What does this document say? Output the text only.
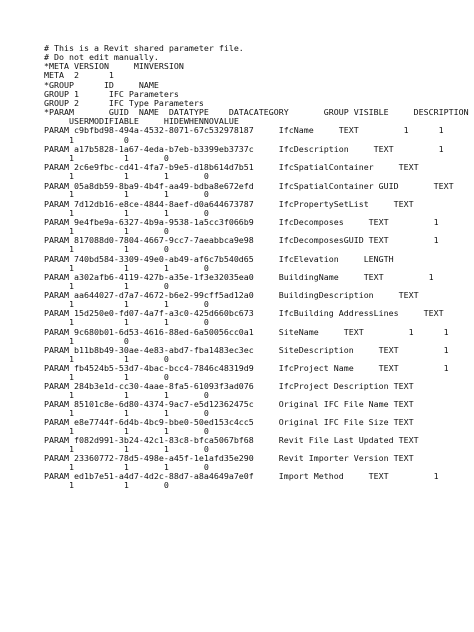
# This is a Revit shared parameter file.
# Do not edit manually.
*META VERSION     MINVERSION
META  2      1
*GROUP      ID     NAME
GROUP 1      IFC Parameters
GROUP 2      IFC Type Parameters
*PARAM       GUID  NAME  DATATYPE    DATACATEGORY       GROUP VISIBLE     DESCRIPTION
USERMODIFIABLE     HIDEWHENNOVALUE
PARAM c9bfbd98-494a-4532-8071-67c532978187     IfcName     TEXT         1      1
1          0
PARAM a17b5828-1a67-4eda-b7eb-b3399eb3737c     IfcDescription     TEXT         1
1          1       0
PARAM 2c6e9fbc-cd41-4fa7-b9e5-d18b614d7b51     IfcSpatialContainer     TEXT
1          1       1       0
PARAM 05a8db59-8ba9-4b4f-aa49-bdba8e672efd     IfcSpatialContainer GUID       TEXT
1          1       1       0
PARAM 7d12db16-e8ce-4844-8aef-d0a644673787     IfcPropertySetList     TEXT
1          1       1       0
PARAM 9e4fbe9a-6327-4b9a-9538-1a5cc3f066b9     IfcDecomposes     TEXT         1
1          1       0
PARAM 817088d0-7804-4667-9cc7-7aeabbca9e98     IfcDecomposesGUID TEXT         1
1          1       0
PARAM 740bd584-3309-49e0-ab49-af6c7b540d65     IfcElevation     LENGTH
1          1       1       0
PARAM a302afb6-4119-427b-a35e-1f3e32035ea0     BuildingName     TEXT         1
1          1       0
PARAM aa644027-d7a7-4672-b6e2-99cff5ad12a0     BuildingDescription     TEXT
1          1       1       0
PARAM 15d250e0-fd07-4a7f-a3c0-425d660bc673     IfcBuilding AddressLines     TEXT
1          1       1       0
PARAM 9c680b01-6d53-4616-88ed-6a50056cc0a1     SiteName     TEXT         1      1
1          0
PARAM b11b8b49-30ae-4e83-abd7-fba1483ec3ec     SiteDescription     TEXT         1
1          1       0
PARAM fb4524b5-53d7-4bac-bcc4-7846c48319d9     IfcProject Name     TEXT         1
1          1       0
PARAM 284b3e1d-cc30-4aae-8fa5-61093f3ad076     IfcProject Description TEXT
1          1       1       0
PARAM 85101c8e-6d80-4374-9ac7-e5d12362475c     Original IFC File Name TEXT
1          1       1       0
PARAM e8e7744f-6d4b-4bc9-bbe0-50ed153c4cc5     Original IFC File Size TEXT
1          1       1       0
PARAM f082d991-3b24-42c1-83c8-bfca5067bf68     Revit File Last Updated TEXT
1          1       1       0
PARAM 23360772-78d5-498e-a45f-1e1afd35e290     Revit Importer Version TEXT
1          1       1       0
PARAM ed1b7e51-a4d7-4d2c-88d7-a8a4649a7e0f     Import Method     TEXT         1
1          1       0
